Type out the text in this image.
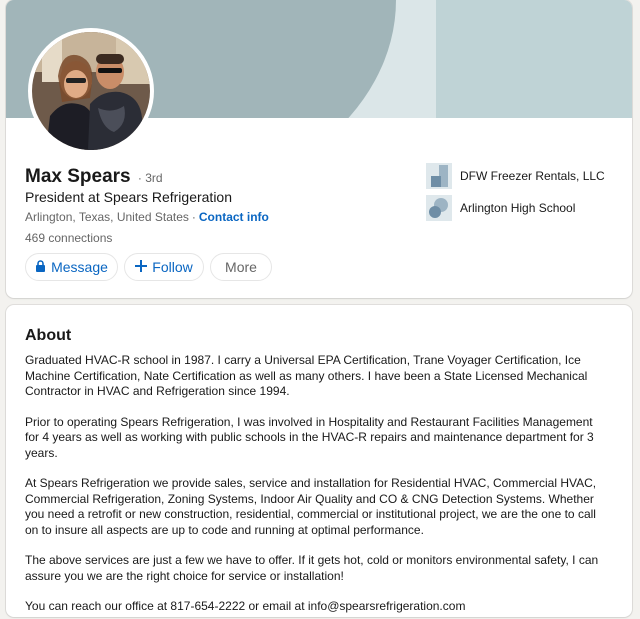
Max Spears · 3rd
President at Spears Refrigeration
Arlington, Texas, United States · Contact info
469 connections
Message	Follow More
DFW Freezer Rentals, LLC
Arlington High School
About

Graduated HVAC-R school in 1987. I carry a Universal EPA Certification, Trane Voyager Certification, Ice Machine Certification, Nate Certification as well as many others. I have been a State Licensed Mechanical Contractor in HVAC and Refrigeration since 1994.

Prior to operating Spears Refrigeration, I was involved in Hospitality and Restaurant Facilities Management for 4 years as well as working with public schools in the HVAC-R repairs and maintenance department for 3 years.

At Spears Refrigeration we provide sales, service and installation for Residential HVAC, Commercial HVAC, Commercial Refrigeration, Zoning Systems, Indoor Air Quality and CO & CNG Detection Systems. Whether you need a retrofit or new construction, residential, commercial or institutional project, we are the one to call on to insure all aspects are up to code and running at optimal performance.

The above services are just a few we have to offer. If it gets hot, cold or monitors environmental safety, I can assure you we are the right choice for service or installation!

You can reach our office at 817-654-2222 or email at info@spearsrefrigeration.com
